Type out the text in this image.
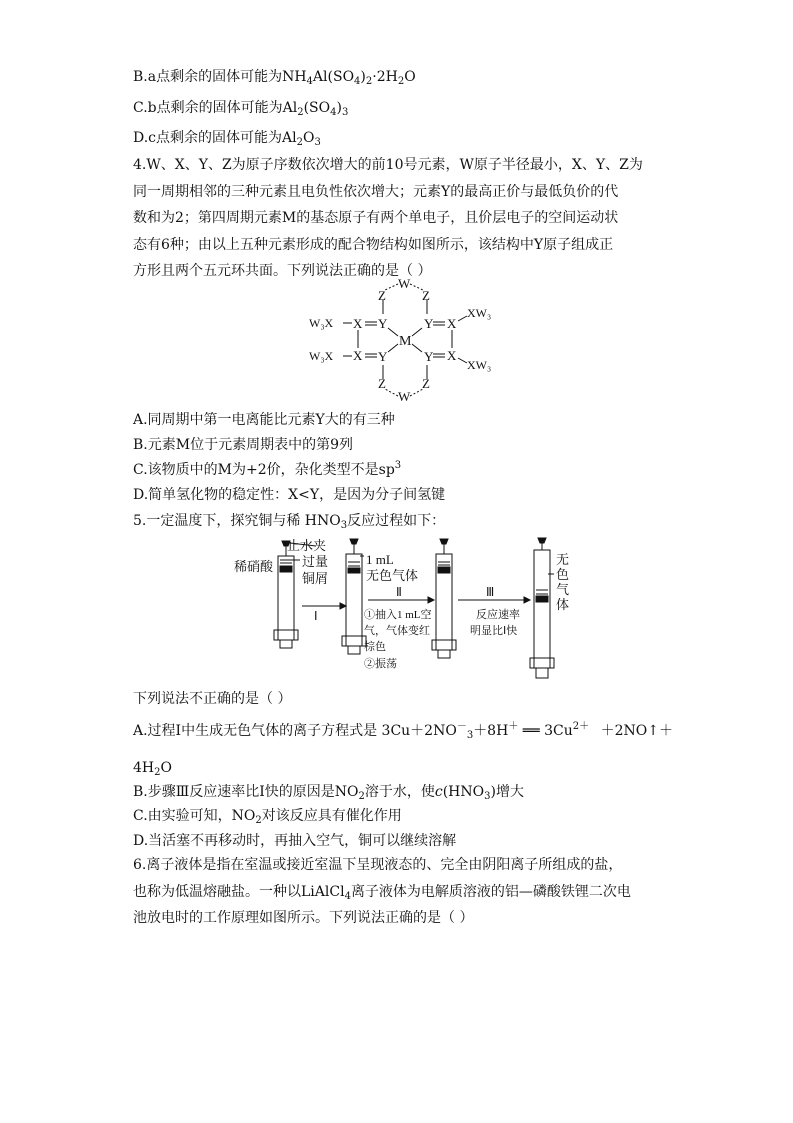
B.a点剩余的固体可能为$NH_4Al(SO_4)_2\cdot 2H_2O$
C.b点剩余的固体可能为$Al_2(SO_4)_3$
D.c点剩余的固体可能为$Al_2O_3$
4.W、X、Y、Z为原子序数依次增大的前10号元素，W原子半径最小，X、Y、Z为
同一周期相邻的三种元素且电负性依次增大；元素Y的最高正价与最低负价的代
数和为2；第四周期元素M的基态原子有两个单电子，且价层电子的空间运动状
态有6种；由以上五种元素形成的配合物结构如图所示，该结构中Y原子组成正
方形且两个五元环共面。下列说法正确的是（ ）
W
Z	Z
Y	Y
X	X
M
X	X
Y	Y
Z	Z
W
W₃X
W₃X
XW₃
XW₃
A.同周期中第一电离能比元素Y大的有三种
B.元素M位于元素周期表中的第9列
C.该物质中的M为+2价，杂化类型不是$sp^3$
D.简单氢化物的稳定性：X<Y，是因为分子间氢键
5.一定温度下，探究铜与稀 $HNO_3$反应过程如下：
止水夹
稀硝酸 过量
铜屑
Ⅰ
1 mL
无色气体
Ⅱ
①抽入1 mL空
气，气体变红
棕色
②振荡
Ⅲ
反应速率
明显比Ⅰ快
无
色
气
体
下列说法不正确的是（ ）
A.过程Ⅰ中生成无色气体的离子方程式是 $3Cu+2NO^-_3+8H^+$ ══ $3Cu^{2+}$ ＋2NO↑＋
$4H_2O$
B.步骤Ⅲ反应速率比Ⅰ快的原因是$NO_2$溶于水，使$c(HNO_3)$增大
C.由实验可知，$NO_2$对该反应具有催化作用
D.当活塞不再移动时，再抽入空气，铜可以继续溶解
6.离子液体是指在室温或接近室温下呈现液态的、完全由阴阳离子所组成的盐，
也称为低温熔融盐。一种以LiAlCl$_4$离子液体为电解质溶液的铝—磷酸铁锂二次电
池放电时的工作原理如图所示。下列说法正确的是（ ）
